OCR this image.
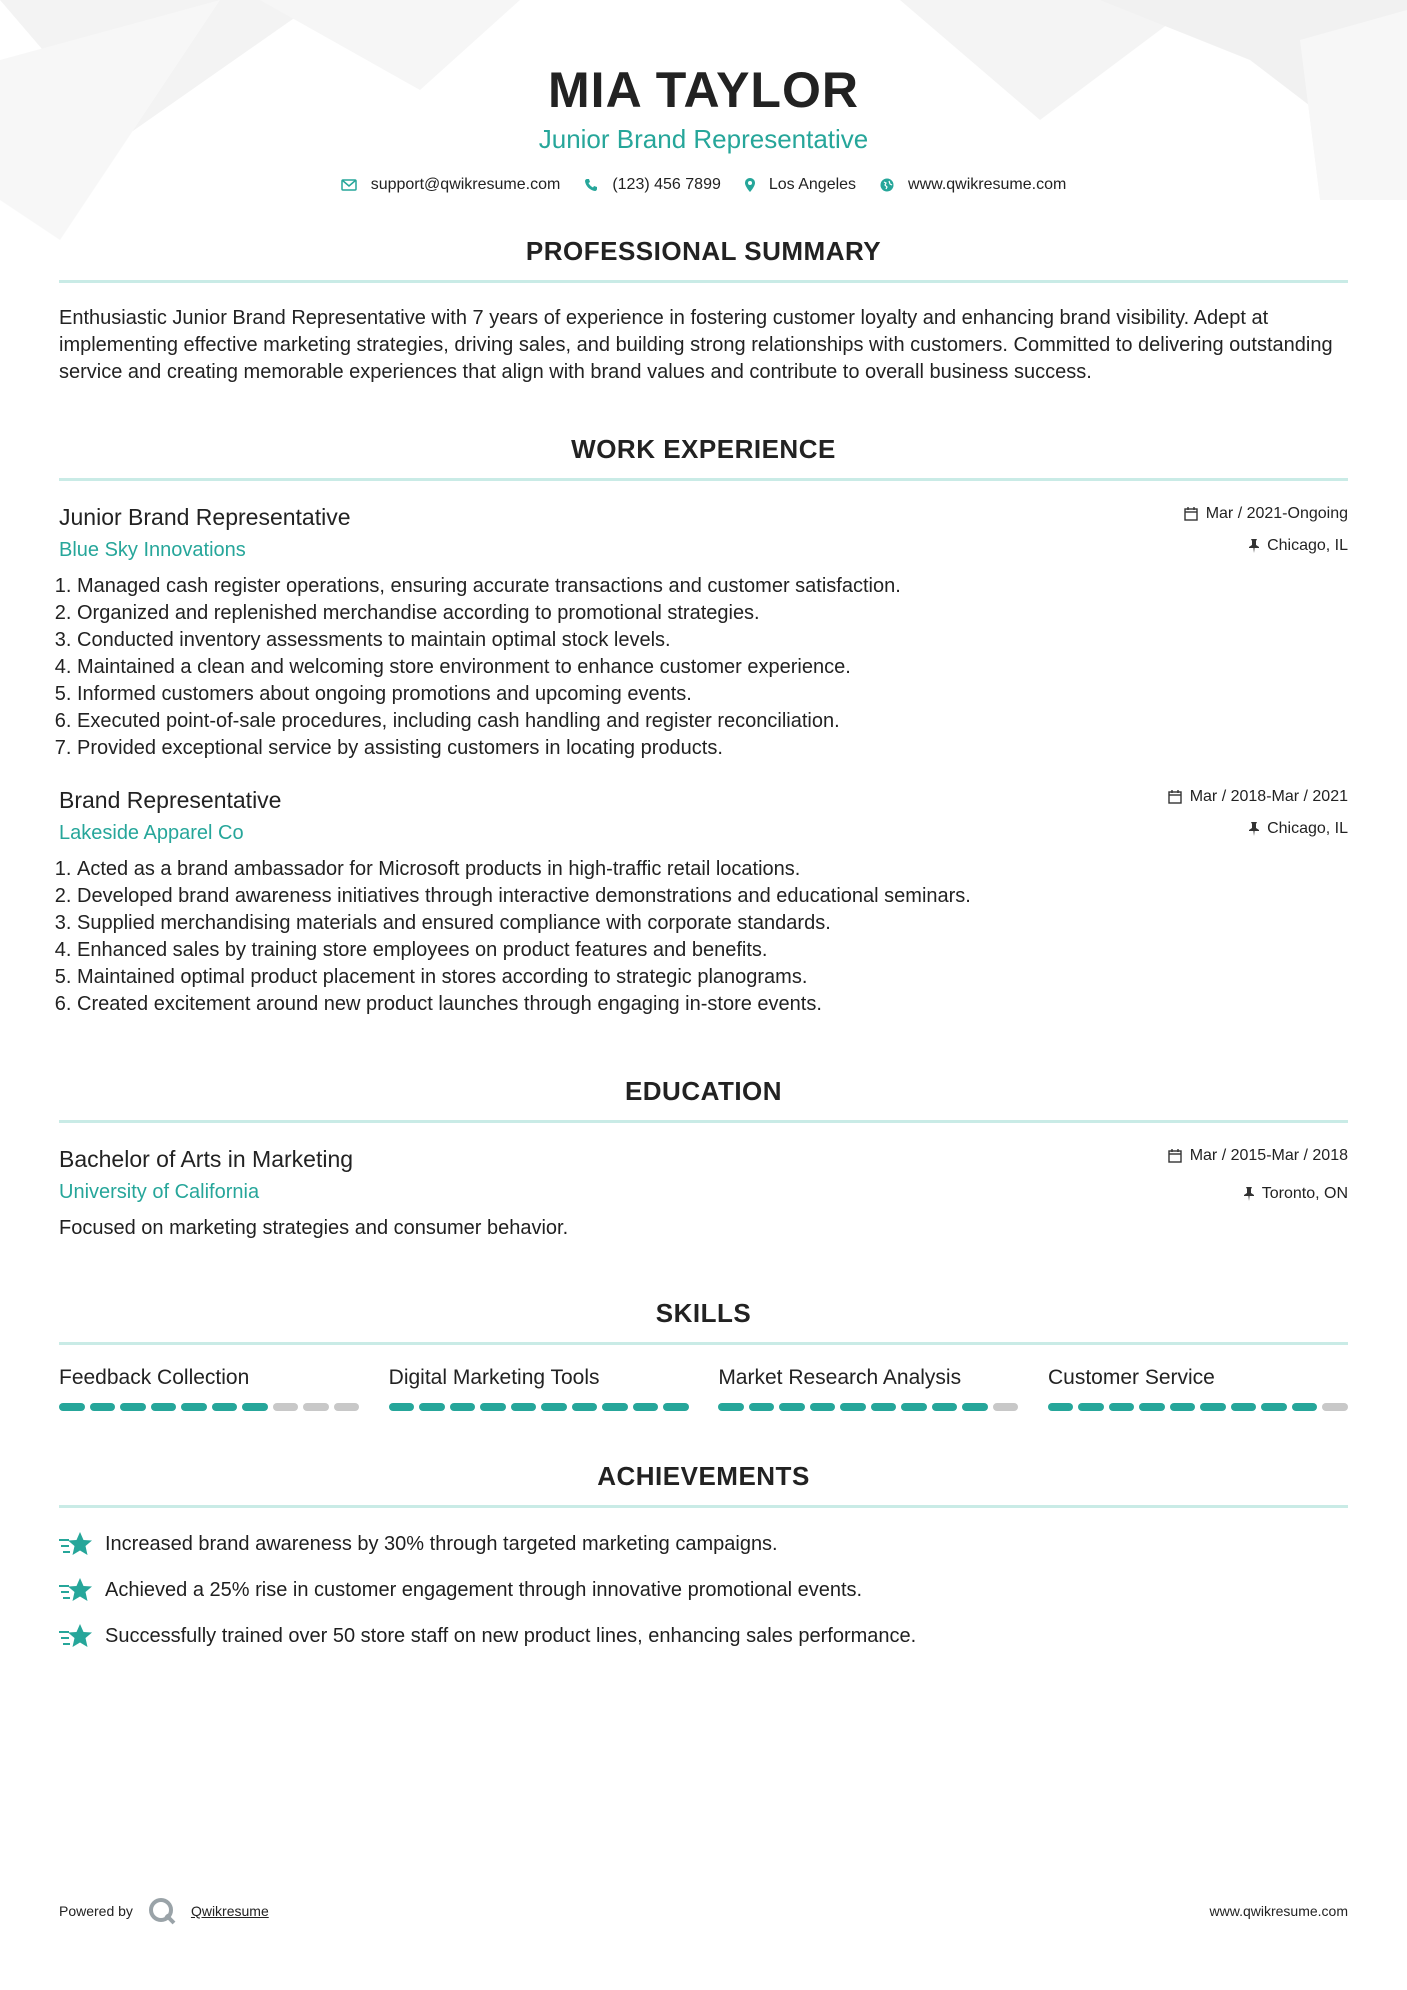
MIA TAYLOR
Junior Brand Representative
support@qwikresume.com	(123) 456 7899	Los Angeles	www.qwikresume.com
PROFESSIONAL SUMMARY
Enthusiastic Junior Brand Representative with 7 years of experience in fostering customer loyalty and enhancing brand visibility. Adept at implementing effective marketing strategies, driving sales, and building strong relationships with customers. Committed to delivering outstanding service and creating memorable experiences that align with brand values and contribute to overall business success.
WORK EXPERIENCE
Junior Brand Representative
Blue Sky Innovations
Mar / 2021-Ongoing
Chicago, IL
1. Managed cash register operations, ensuring accurate transactions and customer satisfaction.
2. Organized and replenished merchandise according to promotional strategies.
3. Conducted inventory assessments to maintain optimal stock levels.
4. Maintained a clean and welcoming store environment to enhance customer experience.
5. Informed customers about ongoing promotions and upcoming events.
6. Executed point-of-sale procedures, including cash handling and register reconciliation.
7. Provided exceptional service by assisting customers in locating products.
Brand Representative
Lakeside Apparel Co
Mar / 2018-Mar / 2021
Chicago, IL
1. Acted as a brand ambassador for Microsoft products in high-traffic retail locations.
2. Developed brand awareness initiatives through interactive demonstrations and educational seminars.
3. Supplied merchandising materials and ensured compliance with corporate standards.
4. Enhanced sales by training store employees on product features and benefits.
5. Maintained optimal product placement in stores according to strategic planograms.
6. Created excitement around new product launches through engaging in-store events.
EDUCATION
Bachelor of Arts in Marketing
University of California
Mar / 2015-Mar / 2018
Toronto, ON
Focused on marketing strategies and consumer behavior.
SKILLS
Feedback Collection	Digital Marketing Tools	Market Research Analysis	Customer Service
ACHIEVEMENTS
Increased brand awareness by 30% through targeted marketing campaigns.
Achieved a 25% rise in customer engagement through innovative promotional events.
Successfully trained over 50 store staff on new product lines, enhancing sales performance.
Powered by	Qwikresume	www.qwikresume.com
